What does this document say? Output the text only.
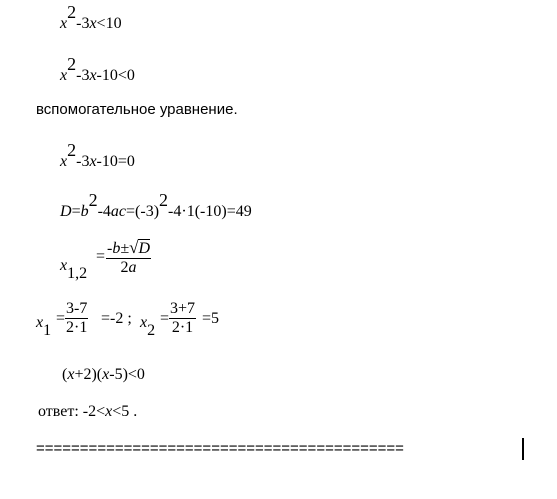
$x^2-3x<10$
$x^2-3x-10<0$
вспомогательное уравнение.
$x^2-3x-10=0$
$D=b^2-4ac=(-3)^2-4\cdot 1(-10)=49$
$x_{1,2}$
= $\frac{-b\pm√D}{2a}$
$x_1$
= $\frac{3-7}{2\cdot 1} =-2$ ; $x_2$
= $\frac{3+7}{2\cdot 1} =5$
(x+2)(x-5)<0
ответ: -2<x<5 .
==========================================
